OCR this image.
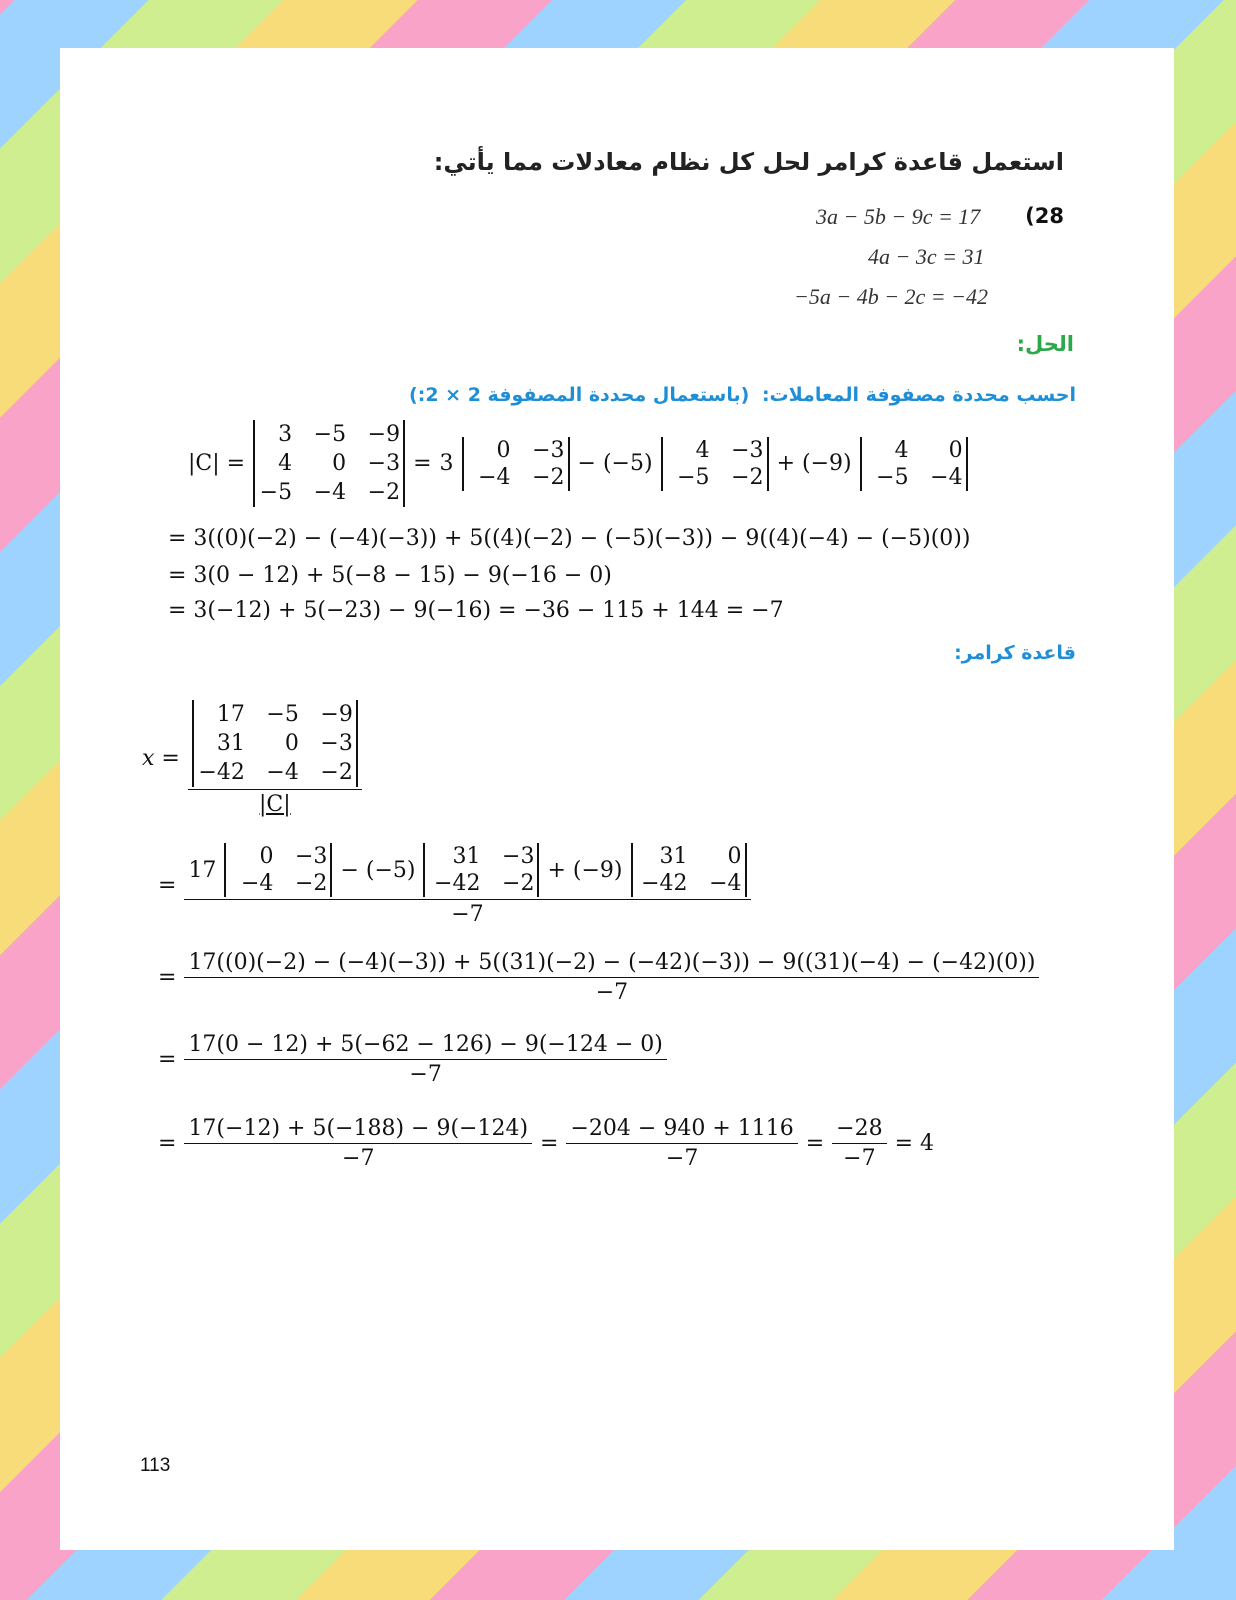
استعمل قاعدة كرامر لحل كل نظام معادلات مما يأتي:
(28
3a − 5b − 9c = 17
4a − 3c = 31
−5a − 4b − 2c = −42
الحل:
احسب محددة مصفوفة المعاملات: (باستعمال محددة المصفوفة 2 × 2:)
|C| =
3 −5 −9
4	0 −3
−5 −4 −2
= 3
0 −3
−4 −2
− (−5)
4 −3
−5 −2
+ (−9)
4	0
−5 −4
= 3((0)(−2) − (−4)(−3)) + 5((4)(−2) − (−5)(−3)) − 9((4)(−4) − (−5)(0))
= 3(0 − 12) + 5(−8 − 15) − 9(−16 − 0)
= 3(−12) + 5(−23) − 9(−16) = −36 − 115 + 144 = −7
قاعدة كرامر:
x = 17 −5 −9
31	0 −3
−42 −4 −2
|C|
=
17
0 −3
−4 −2
− (−5)
31 −3
−42 −2
+ (−9)
31	0
−42 −4
−7
=
17((0)(−2) − (−4)(−3)) + 5((31)(−2) − (−42)(−3)) − 9((31)(−4) − (−42)(0))
−7
= $\frac{17(0 - 12) + 5(-62 - 126) - 9(-124 - 0)}{-7}$
= $\frac{17(-12) + 5(-188) - 9(-124)}{-7} = \frac{-204 - 940 + 1116}{-7} = \frac{-28}{-7} = 4$
113
